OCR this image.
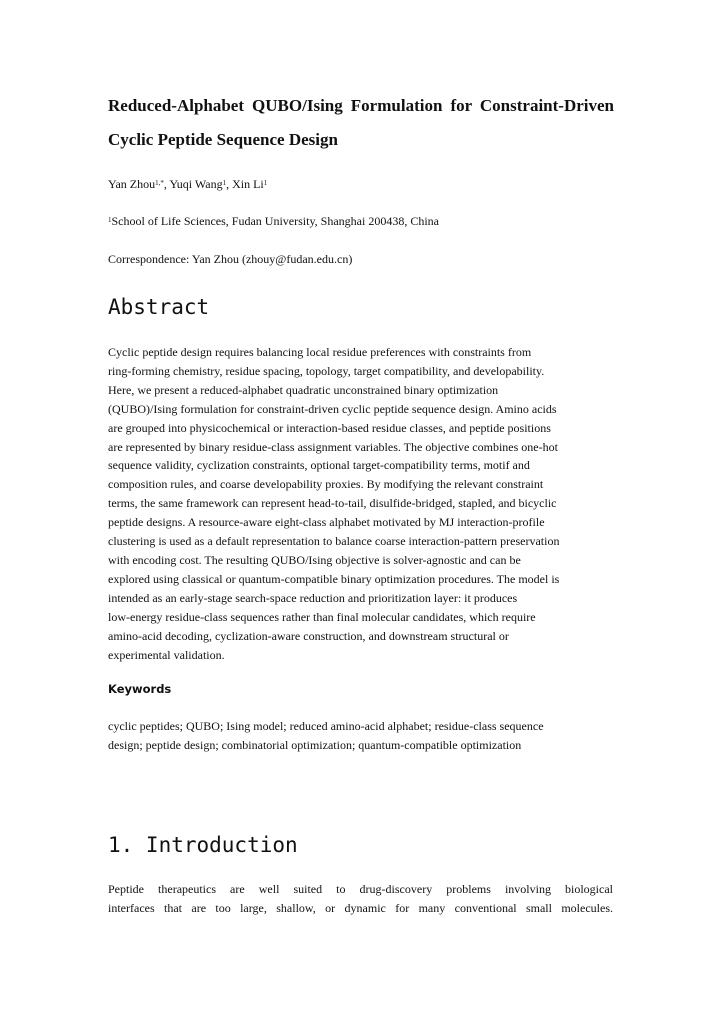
Reduced-Alphabet QUBO/Ising Formulation for Constraint-Driven
Cyclic Peptide Sequence Design
Yan Zhou$^{1,*}$, Yuqi Wang$^1$, Xin Li$^1$
$^1$School of Life Sciences, Fudan University, Shanghai 200438, China
Correspondence: Yan Zhou (zhouy@fudan.edu.cn)
Abstract
Cyclic peptide design requires balancing local residue preferences with constraints from
ring-forming chemistry, residue spacing, topology, target compatibility, and developability.
Here, we present a reduced-alphabet quadratic unconstrained binary optimization
(QUBO)/Ising formulation for constraint-driven cyclic peptide sequence design. Amino acids
are grouped into physicochemical or interaction-based residue classes, and peptide positions
are represented by binary residue-class assignment variables. The objective combines one-hot
sequence validity, cyclization constraints, optional target-compatibility terms, motif and
composition rules, and coarse developability proxies. By modifying the relevant constraint
terms, the same framework can represent head-to-tail, disulfide-bridged, stapled, and bicyclic
peptide designs. A resource-aware eight-class alphabet motivated by MJ interaction-profile
clustering is used as a default representation to balance coarse interaction-pattern preservation
with encoding cost. The resulting QUBO/Ising objective is solver-agnostic and can be
explored using classical or quantum-compatible binary optimization procedures. The model is
intended as an early-stage search-space reduction and prioritization layer: it produces
low-energy residue-class sequences rather than final molecular candidates, which require
amino-acid decoding, cyclization-aware construction, and downstream structural or
experimental validation.
Keywords
cyclic peptides; QUBO; Ising model; reduced amino-acid alphabet; residue-class sequence
design; peptide design; combinatorial optimization; quantum-compatible optimization
1. Introduction
Peptide therapeutics are well suited to drug-discovery problems involving biological
interfaces that are too large, shallow, or dynamic for many conventional small molecules.
